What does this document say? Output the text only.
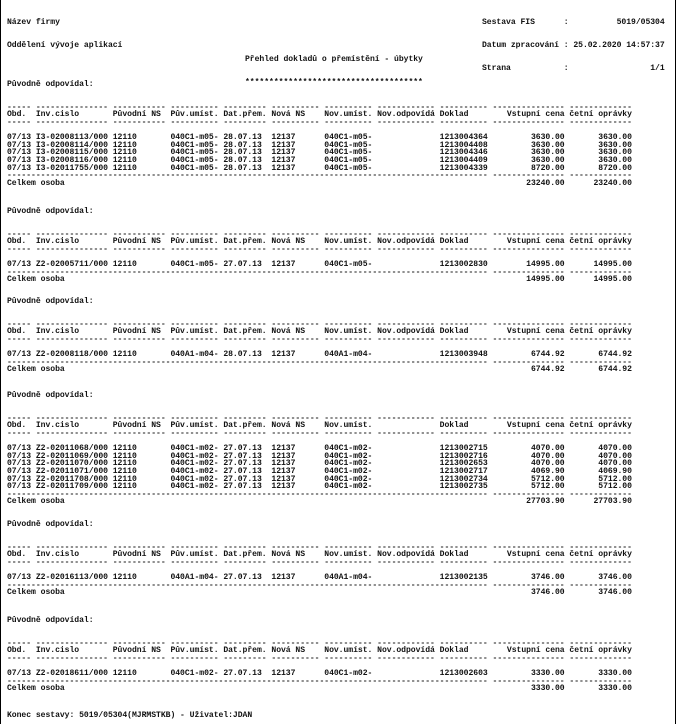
Název firmy

Oddělení vývoje aplikací

Sestava FIS      :          5019/05304

Datum zpracování : 25.02.2020 14:57:37

Strana           :                 1/1

Přehled dokladů o přemístění - úbytky

*************************************

Původně odpovídal:
----- --------------- ----------- ---------- --------- ---------- ---------- ------------ ---------- --------------- -------------
Obd.  Inv.cislo       Původní NS  Pův.umíst. Dat.přem. Nová NS    Nov.umíst. Nov.odpovídá Doklad        Vstupní cena četní oprávky
----- --------------- ----------- ---------- --------- ---------- ---------- ------------ ---------- --------------- -------------
07/13 I3-02008113/000 12110       040C1-m05- 28.07.13  12137      040C1-m05-              1213004364         3630.00       3630.00
07/13 I3-02008114/000 12110       040C1-m05- 28.07.13  12137      040C1-m05-              1213004408         3630.00       3630.00
07/13 I3-02008115/000 12110       040C1-m05- 28.07.13  12137      040C1-m05-              1213004346         3630.00       3630.00
07/13 I3-02008116/000 12110       040C1-m05- 28.07.13  12137      040C1-m05-              1213004409         3630.00       3630.00
07/13 I3-02011755/000 12110       040C1-m05- 28.07.13  12137      040C1-m05-              1213004339         8720.00       8720.00
---------------------------------------------------------------------------------------------------- --------------- -------------
Celkem osoba                                                                                                23240.00      23240.00
Původně odpovídal:
----- --------------- ----------- ---------- --------- ---------- ---------- ------------ ---------- --------------- -------------
Obd.  Inv.cislo       Původní NS  Pův.umíst. Dat.přem. Nová NS    Nov.umíst. Nov.odpovídá Doklad        Vstupní cena četní oprávky
----- --------------- ----------- ---------- --------- ---------- ---------- ------------ ---------- --------------- -------------
07/13 Z2-02005711/000 12110       040C1-m05- 27.07.13  12137      040C1-m05-              1213002830        14995.00      14995.00
---------------------------------------------------------------------------------------------------- --------------- -------------
Celkem osoba                                                                                                14995.00      14995.00
Původně odpovídal:
----- --------------- ----------- ---------- --------- ---------- ---------- ------------ ---------- --------------- -------------
Obd.  Inv.cislo       Původní NS  Pův.umíst. Dat.přem. Nová NS    Nov.umíst. Nov.odpovídá Doklad        Vstupní cena četní oprávky
----- --------------- ----------- ---------- --------- ---------- ---------- ------------ ---------- --------------- -------------
07/13 Z2-02008118/000 12110       040A1-m04- 28.07.13  12137      040A1-m04-              1213003948         6744.92       6744.92
---------------------------------------------------------------------------------------------------- --------------- -------------
Celkem osoba                                                                                                 6744.92       6744.92
Původně odpovídal:
----- --------------- ----------- ---------- --------- ---------- ---------- ------------ ---------- --------------- -------------
Obd.  Inv.cislo       Původní NS  Pův.umíst. Dat.přem. Nová NS    Nov.umíst.              Doklad        Vstupní cena četní oprávky
----- --------------- ----------- ---------- --------- ---------- ---------- ------------ ---------- --------------- -------------
07/13 Z2-02011068/000 12110       040C1-m02- 27.07.13  12137      040C1-m02-              1213002715         4070.00       4070.00
07/13 Z2-02011069/000 12110       040C1-m02- 27.07.13  12137      040C1-m02-              1213002716         4070.00       4070.00
07/13 Z2-02011070/000 12110       040C1-m02- 27.07.13  12137      040C1-m02-              1213002653         4070.00       4070.00
07/13 Z2-02011071/000 12110       040C1-m02- 27.07.13  12137      040C1-m02-              1213002717         4069.90       4069.90
07/13 Z2-02011708/000 12110       040C1-m02- 27.07.13  12137      040C1-m02-              1213002734         5712.00       5712.00
07/13 Z2-02011709/000 12110       040C1-m02- 27.07.13  12137      040C1-m02-              1213002735         5712.00       5712.00
---------------------------------------------------------------------------------------------------- --------------- -------------
Celkem osoba                                                                                                27703.90      27703.90
Původně odpovídal:
----- --------------- ----------- ---------- --------- ---------- ---------- ------------ ---------- --------------- -------------
Obd.  Inv.cislo       Původní NS  Pův.umíst. Dat.přem. Nová NS    Nov.umíst. Nov.odpovídá Doklad        Vstupní cena četní oprávky
----- --------------- ----------- ---------- --------- ---------- ---------- ------------ ---------- --------------- -------------
07/13 Z2-02016113/000 12110       040A1-m04- 27.07.13  12137      040A1-m04-              1213002135         3746.00       3746.00
---------------------------------------------------------------------------------------------------- --------------- -------------
Celkem osoba                                                                                                 3746.00       3746.00
Původně odpovídal:
----- --------------- ----------- ---------- --------- ---------- ---------- ------------ ---------- --------------- -------------
Obd.  Inv.cislo       Původní NS  Pův.umíst. Dat.přem. Nová NS    Nov.umíst. Nov.odpovídá Doklad        Vstupní cena četní oprávky
----- --------------- ----------- ---------- --------- ---------- ---------- ------------ ---------- --------------- -------------
07/13 Z2-02018611/000 12110       040C1-m02- 27.07.13  12137      040C1-m02-              1213002603         3330.00       3330.00
---------------------------------------------------------------------------------------------------- --------------- -------------
Celkem osoba                                                                                                 3330.00       3330.00
Konec sestavy: 5019/05304(MJRMSTKB) - Uživatel:JDAN
